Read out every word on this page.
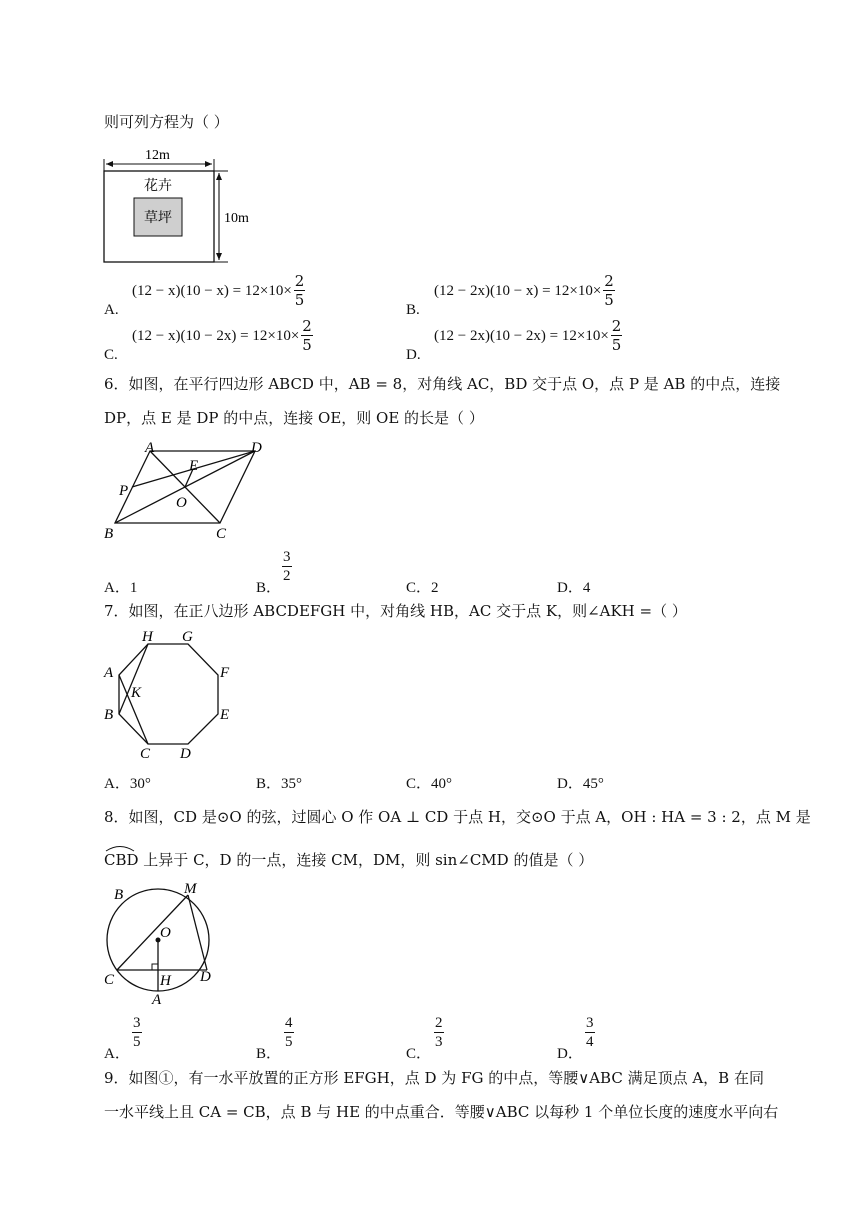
则可列方程为（ ）
12m
10m
花卉
草坪
A.
$(12 - x)(10 - x) = 12\times 10\times \frac{2}{5}$
B.
$(12 - 2x)(10 - x) = 12\times 10\times \frac{2}{5}$
C.
$(12 - x)(10 - 2x) = 12\times 10\times \frac{2}{5}$
D.
$(12 - 2x)(10 - 2x) = 12\times 10\times \frac{2}{5}$
6．如图，在平行四边形 ABCD 中，AB = 8，对角线 AC，BD 交于点 O，点 P 是 AB 的中点，连接
DP，点 E 是 DP 的中点，连接 OE，则 OE 的长是（ ）
A	D
E
P
O
B	C
A．1	B．
$\frac{3}{2}$
C．2	D．4
7．如图，在正八边形 ABCDEFGH 中，对角线 HB，AC 交于点 K，则∠AKH =（ ）
H G
A	F
K
B	E
C D
A．30°	B．35°	C．40°	D．45°
8．如图，CD 是⊙O 的弦，过圆心 O 作 OA ⊥ CD 于点 H，交⊙O 于点 A，OH : HA = 3 : 2，点 M 是
CBD 上异于 C，D 的一点，连接 CM，DM，则 sin∠CMD 的值是（ ）
B	M
O
C	H D
A
A．
$\frac{3}{5}$
B．
$\frac{4}{5}$
C．
$\frac{2}{3}$
D．
$\frac{3}{4}$
9．如图①，有一水平放置的正方形 EFGH，点 D 为 FG 的中点，等腰∨ABC 满足顶点 A，B 在同
一水平线上且 CA = CB，点 B 与 HE 的中点重合．等腰∨ABC 以每秒 1 个单位长度的速度水平向右
